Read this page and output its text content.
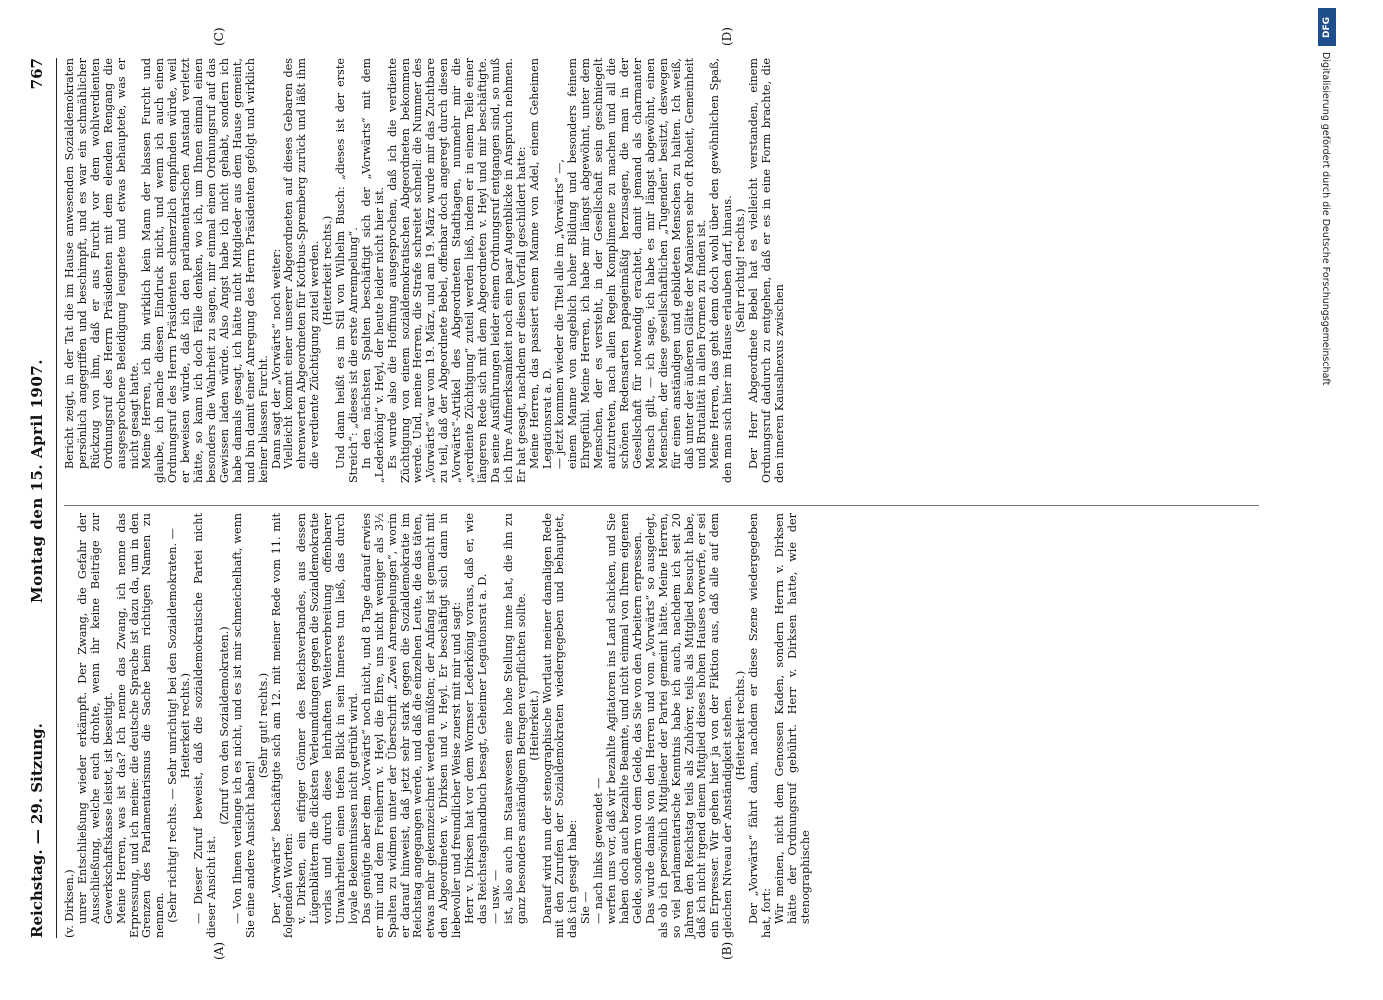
Reichstag. — 29. Sitzung.
Montag den 15. April 1907.
767

(v. Dirksen.) unrer Entschließung wieder erkämpft. Der Zwang, die Gefahr der Ausschließung, welche euch drohte, wenn ihr keine Beiträge zur Gewerkschaftskasse leistet, ist beseitigt. Meine Herren, was ist das? Ich nenne das Zwang, ich nenne das Erpressung, und ich meine: die deutsche Sprache ist dazu da, um in den Grenzen des Parlamentarismus die Sache beim richtigen Namen zu nennen. (Sehr richtig! rechts. — Sehr unrichtig! bei den Sozialdemokraten. — Heiterkeit rechts.) — Dieser Zuruf beweist, daß die sozialdemokratische Partei nicht dieser Ansicht ist.

(Zuruf von den Sozialdemokraten.) — Von Ihnen verlange ich es nicht, und es ist mir schmeichelhaft, wenn Sie eine andere Ansicht haben!

(Sehr gut! rechts.) Der „Vorwärts“ beschäftigte sich am 12. mit meiner Rede vom 11. mit folgenden Worten: v. Dirksen, ein eifriger Gönner des Reichsverbandes, aus dessen Lügenblättern die dicksten Verleumdungen gegen die Sozialdemokratie vorlas und durch diese lehrhaften Weiterverbreitung offenbarer Unwahrheiten einen tiefen Blick in sein Inneres tun ließ, das durch loyale Bekenntnissen nicht getrübt wird. Das genügte aber dem „Vorwärts“ noch nicht, und 8 Tage darauf erwies er mir und dem Freiherrn v. Heyl die Ehre, uns nicht weniger als 3½ Spalten zu widmen unter der Überschrift „Zwei Anrempelungen“, worin er darauf hinweist, daß jetzt sehr stark gegen die Sozialdemokratie im Reichstag angegangen werde, und daß die einzelnen Leute, die das täten, etwas mehr gekennzeichnet werden müßten; der Anfang ist gemacht mit den Abgeordneten v. Dirksen und v. Heyl. Er beschäftigt sich dann in liebevoller und freundlicher Weise zuerst mit mir und sagt: Herr v. Dirksen hat vor dem Wormser Lederkönig voraus, daß er, wie das Reichstagshandbuch besagt, Geheimer Legationsrat a. D. — usw. — ist, also auch im Staatswesen eine hohe Stellung inne hat, die ihn zu ganz besonders anständigem Betragen verpflichten sollte. (Heiterkeit.) Darauf wird nun der stenographische Wortlaut meiner damaligen Rede mit den Zurufen der Sozialdemokraten wiedergegeben und behauptet, daß ich gesagt habe: Sie — — nach links gewendet — werfen uns vor, daß wir bezahlte Agitatoren ins Land schicken, und Sie haben doch auch bezahlte Beamte, und nicht einmal von Ihrem eigenen Gelde, sondern von dem Gelde, das Sie von den Arbeitern erpressen. Das wurde damals von den Herren und vom „Vorwärts“ so ausgelegt, als ob ich persönlich Mitglieder der Partei gemeint hätte. Meine Herren, so viel parlamentarische Kenntnis habe ich auch, nachdem ich seit 20 Jahren den Reichstag teils als Zuhörer, teils als Mitglied besucht habe, daß ich nicht irgend einem Mitglied dieses hohen Hauses vorwerfe, er sei ein Erpresser. Wir gehen hier ja von der Fiktion aus, daß alle auf dem gleichen Niveau der Anständigkeit stehen. (Heiterkeit rechts.) Der „Vorwärts“ fährt dann, nachdem er diese Szene wiedergegeben hat, fort: Wir meinen, nicht dem Genossen Kaden, sondern Herrn v. Dirksen hätte der Ordnungsruf gebührt. Herr v. Dirksen hatte, wie der stenographische

Bericht zeigt, in der Tat die im Hause anwesenden Sozialdemokraten persönlich angegriffen und beschimpft, und es war ein schmählicher Rückzug von ihm, daß er aus Furcht vor dem wohlverdienten Ordnungsruf des Herrn Präsidenten mit dem elenden Rengang die ausgesprochene Beleidigung leugnete und etwas behauptete, was er nicht gesagt hatte. Meine Herren, ich bin wirklich kein Mann der blassen Furcht und glaube, ich mache diesen Eindruck nicht, und wenn ich auch einen Ordnungsruf des Herrn Präsidenten schmerzlich empfinden würde, weil er beweisen würde, daß ich den parlamentarischen Anstand verletzt hätte, so kann ich doch Fälle denken, wo ich, um Ihnen einmal einen besonders die Wahrheit zu sagen, mir einmal einen Ordnungsruf auf das Gewissen laden würde. Also Angst habe ich nicht gehabt, sondern ich habe damals gesagt, ich hätte nicht Mitglieder aus dem Hause gemeint, und bin damit einer Anregung des Herrn Präsidenten gefolgt und wirklich keiner blassen Furcht. Dann sagt der „Vorwärts“ noch weiter: Vielleicht kommt einer unserer Abgeordneten auf dieses Gebaren des ehrenwerten Abgeordneten für Kottbus-Spremberg zurück und läßt ihm die verdiente Züchtigung zuteil werden. (Heiterkeit rechts.) Und dann heißt es im Stil von Wilhelm Busch: „dieses ist der erste Streich“: „dieses ist die erste Anrempelung“. In den nächsten Spalten beschäftigt sich der „Vorwärts“ mit dem „Lederkönig“ v. Heyl, der heute leider nicht hier ist. Es wurde also die Hoffnung ausgesprochen, daß ich die verdiente Züchtigung von einem sozialdemokratischen Abgeordneten bekommen werde. Und, meine Herren, die Strafe schreitet schnell: die Nummer des „Vorwärts“ war vom 19. März, und am 19. März wurde mir das Zuchtbare zu teil, daß der Abgeordnete Bebel, offenbar doch angeregt durch diesen „Vorwärts“-Artikel des Abgeordneten Stadthagen, nunmehr mir die „verdiente Züchtigung“ zuteil werden ließ, indem er in einem Teile einer längeren Rede sich mit dem Abgeordneten v. Heyl und mir beschäftigte. Da seine Ausführungen leider einem Ordnungsruf entgangen sind, so muß ich Ihre Aufmerksamkeit noch ein paar Augenblicke in Anspruch nehmen. Er hat gesagt, nachdem er diesen Vorfall geschildert hatte: Meine Herren, das passiert einem Manne von Adel, einem Geheimen Legationsrat a. D. — jetzt kommen wieder die Titel alle im „Vorwärts“ —, einem Manne von angeblich hoher Bildung und besonders feinem Ehrgefühl. Meine Herren, ich habe mir längst abgewöhnt, unter dem Menschen, der es versteht, in der Gesellschaft sein geschniegelt aufzutreten, nach allen Regeln Komplimente zu machen und all die schönen Redensarten papageimäßig herzusagen, die man in der Gesellschaft für notwendig erachtet, damit jemand als charmanter Mensch gilt, — ich sage, ich habe es mir längst abgewöhnt, einen Menschen, der diese gesellschaftlichen „Tugenden“ besitzt, deswegen für einen anständigen und gebildeten Menschen zu halten. Ich weiß, daß unter der äußeren Glätte der Manieren sehr oft Roheit, Gemeinheit und Brutalität in allen Formen zu finden ist. Meine Herren, das geht denn doch wohl über den gewöhnlichen Spaß, den man sich hier im Hause erlauben darf, hinaus. (Sehr richtig! rechts.) Der Herr Abgeordnete Bebel hat es vielleicht verstanden, einem Ordnungsruf dadurch zu entgehen, daß er es in eine Form brachte, die den inneren Kausalnexus zwischen

(A)	(B)
(C)	(D)	DFG
Digitalisierung gefördert durch die Deutsche Forschungsgemeinschaft
